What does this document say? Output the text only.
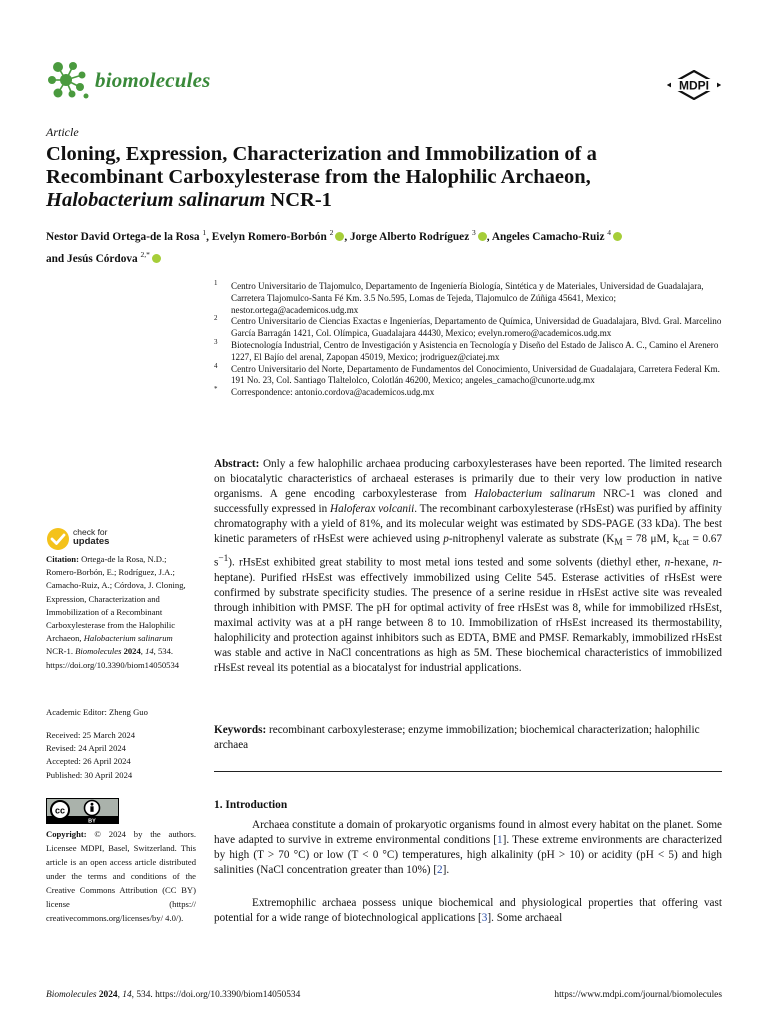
biomolecules	MDPI
Article
Cloning, Expression, Characterization and Immobilization of a
Recombinant Carboxylesterase from the Halophilic Archaeon,
Halobacterium salinarum NCR-1
Nestor David Ortega-de la Rosa $^1$, Evelyn Romero-Borbón $^2$ , Jorge Alberto Rodríguez $^3$ , Angeles Camacho-Ruiz $^4$
and Jesús Córdova $^{2,*}$
1 Centro Universitario de Tlajomulco, Departamento de Ingeniería Biología, Sintética y de Materiales, Universidad de Guadalajara, Carretera Tlajomulco-Santa Fé Km. 3.5 No.595, Lomas de Tejeda, Tlajomulco de Zúñiga 45641, Mexico; nestor.ortega@academicos.udg.mx
2 Centro Universitario de Ciencias Exactas e Ingenierías, Departamento de Química, Universidad de Guadalajara, Blvd. Gral. Marcelino García Barragán 1421, Col. Olímpica, Guadalajara 44430, Mexico; evelyn.romero@academicos.udg.mx
3 Biotecnología Industrial, Centro de Investigación y Asistencia en Tecnología y Diseño del Estado de Jalisco A. C., Camino el Arenero 1227, El Bajío del arenal, Zapopan 45019, Mexico; jrodriguez@ciatej.mx
4 Centro Universitario del Norte, Departamento de Fundamentos del Conocimiento, Universidad de Guadalajara, Carretera Federal Km. 191 No. 23, Col. Santiago Tlaltelolco, Colotlán 46200, Mexico; angeles_camacho@cunorte.udg.mx
* Correspondence: antonio.cordova@academicos.udg.mx
Abstract: Only a few halophilic archaea producing carboxylesterases have been reported. The limited research on biocatalytic characteristics of archaeal esterases is primarily due to their very low production in native organisms. A gene encoding carboxylesterase from Halobacterium salinarum NRC-1 was cloned and successfully expressed in Haloferax volcanii. The recombinant carboxylesterase (rHsEst) was purified by affinity chromatography with a yield of 81%, and its molecular weight was estimated by SDS-PAGE (33 kDa). The best kinetic parameters of rHsEst were achieved using p-nitrophenyl valerate as substrate ($K_M = 78$ μM, $k_{cat} = 0.67$ $s^{-1}$). rHsEst exhibited great stability to most metal ions tested and some solvents (diethyl ether, n-hexane, n-heptane). Purified rHsEst was effectively immobilized using Celite 545. Esterase activities of rHsEst were confirmed by substrate specificity studies. The presence of a serine residue in rHsEst active site was revealed through inhibition with PMSF. The pH for optimal activity of free rHsEst was 8, while for immobilized rHsEst, maximal activity was at a pH range between 8 to 10. Immobilization of rHsEst increased its thermostability, halophilicity and protection against inhibitors such as EDTA, BME and PMSF. Remarkably, immobilized rHsEst was stable and active in NaCl concentrations as high as 5M. These biochemical characteristics of immobilized rHsEst reveal its potential as a biocatalyst for industrial applications.
Keywords: recombinant carboxylesterase; enzyme immobilization; biochemical characterization; halophilic archaea
check for
updates
Citation: Ortega-de la Rosa, N.D.; Romero-Borbón, E.; Rodríguez, J.A.; Camacho-Ruiz, A.; Córdova, J. Cloning, Expression, Characterization and Immobilization of a Recombinant Carboxylesterase from the Halophilic Archaeon, Halobacterium salinarum NCR-1. Biomolecules 2024, 14, 534. https://doi.org/10.3390/biom14050534
Academic Editor: Zheng Guo
Received: 25 March 2024
Revised: 24 April 2024
Accepted: 26 April 2024
Published: 30 April 2024
cc
BY
Copyright: © 2024 by the authors. Licensee MDPI, Basel, Switzerland. This article is an open access article distributed under the terms and conditions of the Creative Commons Attribution (CC BY) license (https:// creativecommons.org/licenses/by/ 4.0/).
1. Introduction
Archaea constitute a domain of prokaryotic organisms found in almost every habitat on the planet. Some have adapted to survive in extreme environmental conditions [1]. These extreme environments are characterized by high (T > 70 °C) or low (T < 0 °C) temperatures, high alkalinity (pH > 10) or acidity (pH < 5) and high salinities (NaCl concentration greater than 10%) [2].
Extremophilic archaea possess unique biochemical and physiological properties that offering vast potential for a wide range of biotechnological applications [3]. Some archaeal
Biomolecules 2024, 14, 534. https://doi.org/10.3390/biom14050534	https://www.mdpi.com/journal/biomolecules
